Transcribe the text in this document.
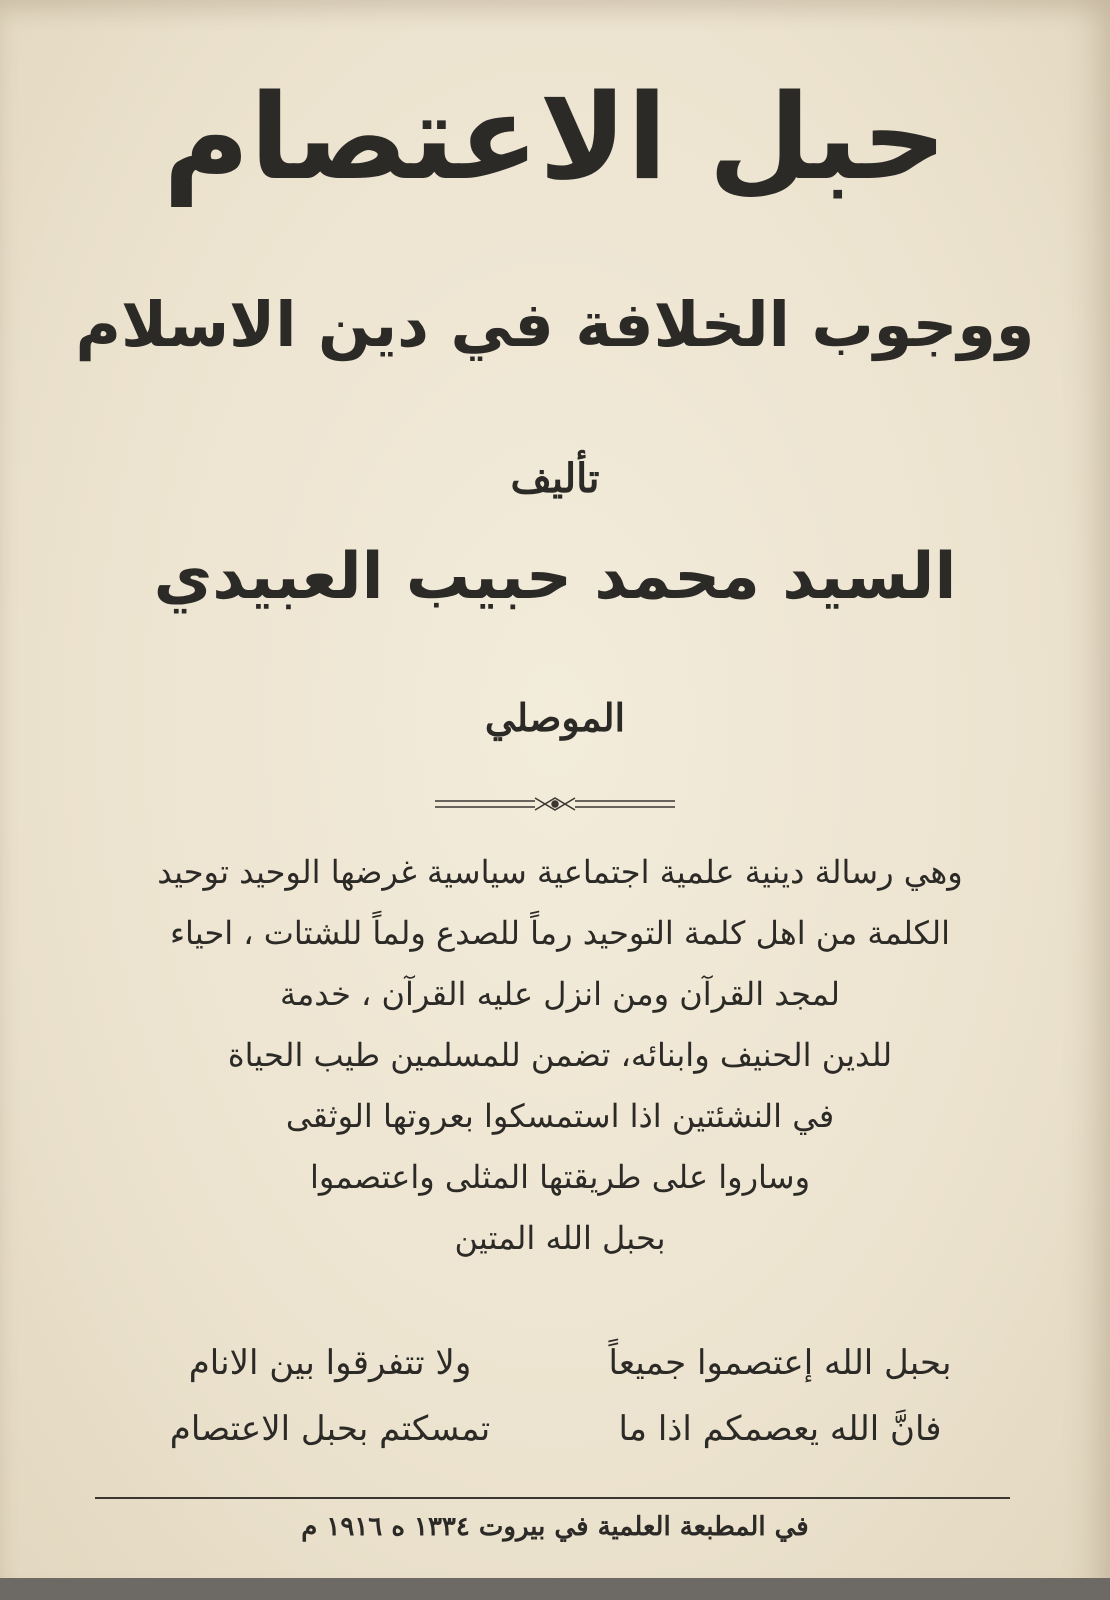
حبل الاعتصام
ووجوب الخلافة في دين الاسلام
تأليف
السيد محمد حبيب العبيدي
الموصلي
وهي رسالة دينية علمية اجتماعية سياسية غرضها الوحيد توحيد
الكلمة من اهل كلمة التوحيد رماً للصدع ولماً للشتات ، احياء
لمجد القرآن ومن انزل عليه القرآن ، خدمة
للدين الحنيف وابنائه، تضمن للمسلمين طيب الحياة
في النشئتين اذا استمسكوا بعروتها الوثقى
وساروا على طريقتها المثلى واعتصموا
بحبل الله المتين
بحبل الله إعتصموا جميعاً
ولا تتفرقوا بين الانام
فانَّ الله يعصمكم اذا ما
تمسكتم بحبل الاعتصام
في المطبعة العلمية في بيروت ١٣٣٤ ه ١٩١٦ م
